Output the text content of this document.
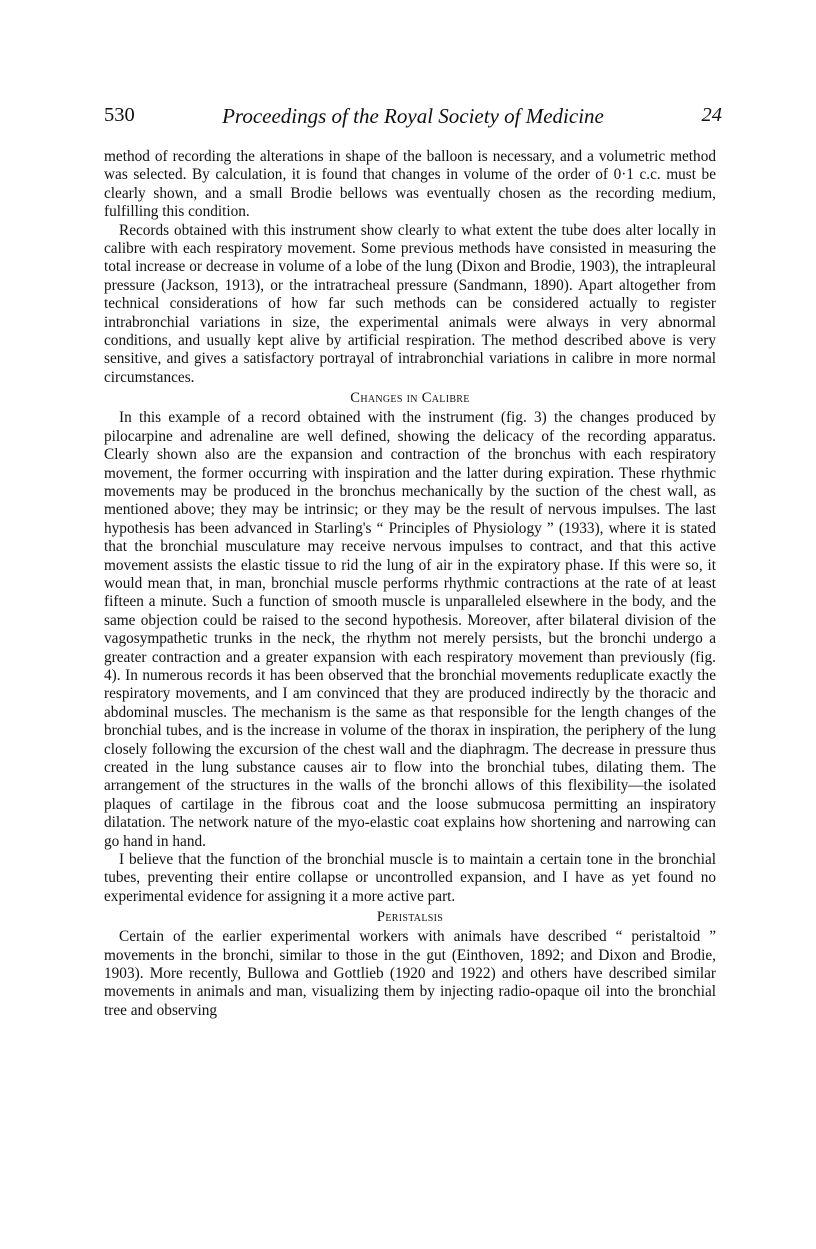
530	Proceedings of the Royal Society of Medicine	24

method of recording the alterations in shape of the balloon is necessary, and a volumetric method was selected. By calculation, it is found that changes in volume of the order of 0·1 c.c. must be clearly shown, and a small Brodie bellows was eventually chosen as the recording medium, fulfilling this condition.

Records obtained with this instrument show clearly to what extent the tube does alter locally in calibre with each respiratory movement. Some previous methods have consisted in measuring the total increase or decrease in volume of a lobe of the lung (Dixon and Brodie, 1903), the intrapleural pressure (Jackson, 1913), or the intratracheal pressure (Sandmann, 1890). Apart altogether from technical considerations of how far such methods can be considered actually to register intrabronchial variations in size, the experimental animals were always in very abnormal conditions, and usually kept alive by artificial respiration. The method described above is very sensitive, and gives a satisfactory portrayal of intrabronchial variations in calibre in more normal circumstances.

Changes in Calibre

In this example of a record obtained with the instrument (fig. 3) the changes produced by pilocarpine and adrenaline are well defined, showing the delicacy of the recording apparatus. Clearly shown also are the expansion and contraction of the bronchus with each respiratory movement, the former occurring with inspiration and the latter during expiration. These rhythmic movements may be produced in the bronchus mechanically by the suction of the chest wall, as mentioned above; they may be intrinsic; or they may be the result of nervous impulses. The last hypothesis has been advanced in Starling's “ Principles of Physiology ” (1933), where it is stated that the bronchial musculature may receive nervous impulses to contract, and that this active movement assists the elastic tissue to rid the lung of air in the expiratory phase. If this were so, it would mean that, in man, bronchial muscle performs rhythmic contractions at the rate of at least fifteen a minute. Such a function of smooth muscle is unparalleled elsewhere in the body, and the same objection could be raised to the second hypothesis. Moreover, after bilateral division of the vagosympathetic trunks in the neck, the rhythm not merely persists, but the bronchi undergo a greater contraction and a greater expansion with each respiratory movement than previously (fig. 4). In numerous records it has been observed that the bronchial movements reduplicate exactly the respiratory movements, and I am convinced that they are produced indirectly by the thoracic and abdominal muscles. The mechanism is the same as that responsible for the length changes of the bronchial tubes, and is the increase in volume of the thorax in inspiration, the periphery of the lung closely following the excursion of the chest wall and the diaphragm. The decrease in pressure thus created in the lung substance causes air to flow into the bronchial tubes, dilating them. The arrangement of the structures in the walls of the bronchi allows of this flexibility—the isolated plaques of cartilage in the fibrous coat and the loose submucosa permitting an inspiratory dilatation. The network nature of the myo-elastic coat explains how shortening and narrowing can go hand in hand.

I believe that the function of the bronchial muscle is to maintain a certain tone in the bronchial tubes, preventing their entire collapse or uncontrolled expansion, and I have as yet found no experimental evidence for assigning it a more active part.

Peristalsis

Certain of the earlier experimental workers with animals have described “ peristaltoid ” movements in the bronchi, similar to those in the gut (Einthoven, 1892; and Dixon and Brodie, 1903). More recently, Bullowa and Gottlieb (1920 and 1922) and others have described similar movements in animals and man, visualizing them by injecting radio-opaque oil into the bronchial tree and observing
